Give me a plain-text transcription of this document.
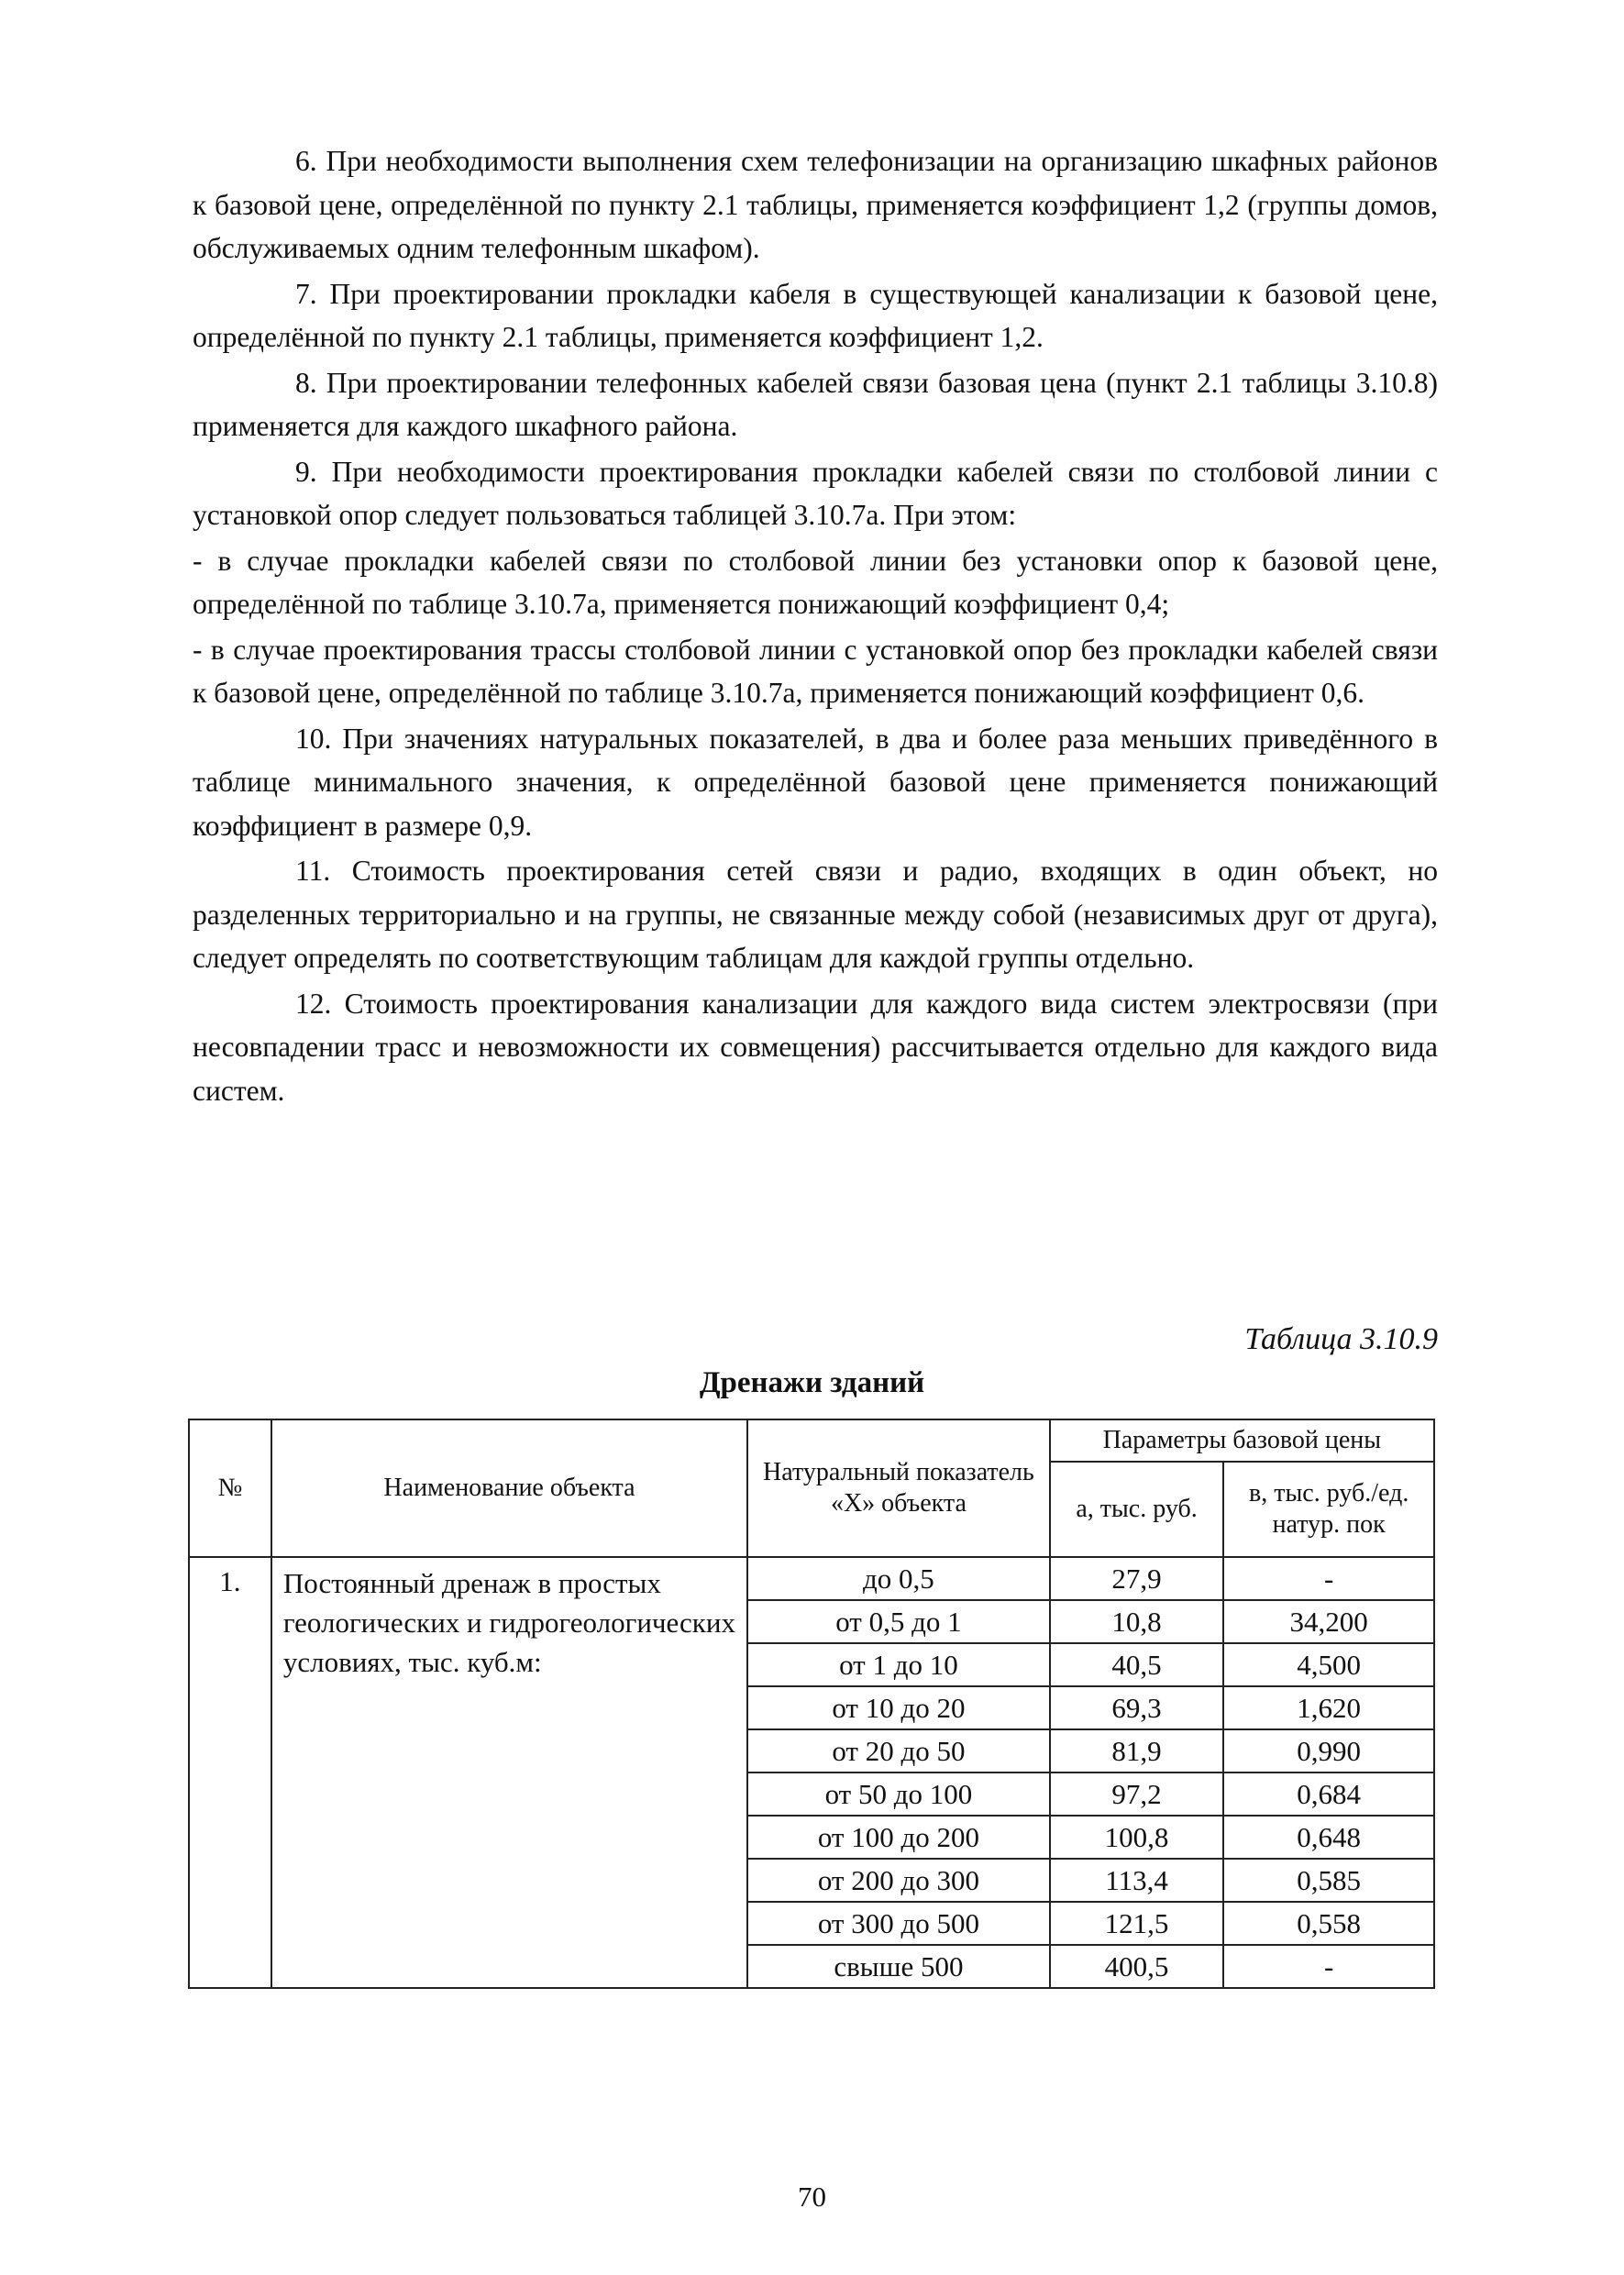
6. При необходимости выполнения схем телефонизации на организацию шкафных районов к базовой цене, определённой по пункту 2.1 таблицы, применяется коэффициент 1,2 (группы домов, обслуживаемых одним телефонным шкафом).

7. При проектировании прокладки кабеля в существующей канализации к базовой цене, определённой по пункту 2.1 таблицы, применяется коэффициент 1,2.

8. При проектировании телефонных кабелей связи базовая цена (пункт 2.1 таблицы 3.10.8) применяется для каждого шкафного района.

9. При необходимости проектирования прокладки кабелей связи по столбовой линии с установкой опор следует пользоваться таблицей 3.10.7а. При этом:

- в случае прокладки кабелей связи по столбовой линии без установки опор к базовой цене, определённой по таблице 3.10.7а, применяется понижающий коэффициент 0,4;

- в случае проектирования трассы столбовой линии с установкой опор без прокладки кабелей связи к базовой цене, определённой по таблице 3.10.7а, применяется понижающий коэффициент 0,6.

10. При значениях натуральных показателей, в два и более раза меньших приведённого в таблице минимального значения, к определённой базовой цене применяется понижающий коэффициент в размере 0,9.

11. Стоимость проектирования сетей связи и радио, входящих в один объект, но разделенных территориально и на группы, не связанные между собой (независимых друг от друга), следует определять по соответствующим таблицам для каждой группы отдельно.

12. Стоимость проектирования канализации для каждого вида систем электросвязи (при несовпадении трасс и невозможности их совмещения) рассчитывается отдельно для каждого вида систем.

Таблица 3.10.9
Дренажи зданий
№	Наименование объекта	Натуральный показатель «X» объекта	Параметры базовой цены	
			а, тыс. руб.	в, тыс. руб./ед. натур. пок
1.	Постоянный дренаж в простых геологических и гидрогеологических условиях, тыс. куб.м:	до 0,5	27,9	-
		от 0,5 до 1	10,8	34,200
		от 1 до 10	40,5	4,500
		от 10 до 20	69,3	1,620
		от 20 до 50	81,9	0,990
		от 50 до 100	97,2	0,684
		от 100 до 200	100,8	0,648
		от 200 до 300	113,4	0,585
		от 300 до 500	121,5	0,558
		свыше 500	400,5	-
70
